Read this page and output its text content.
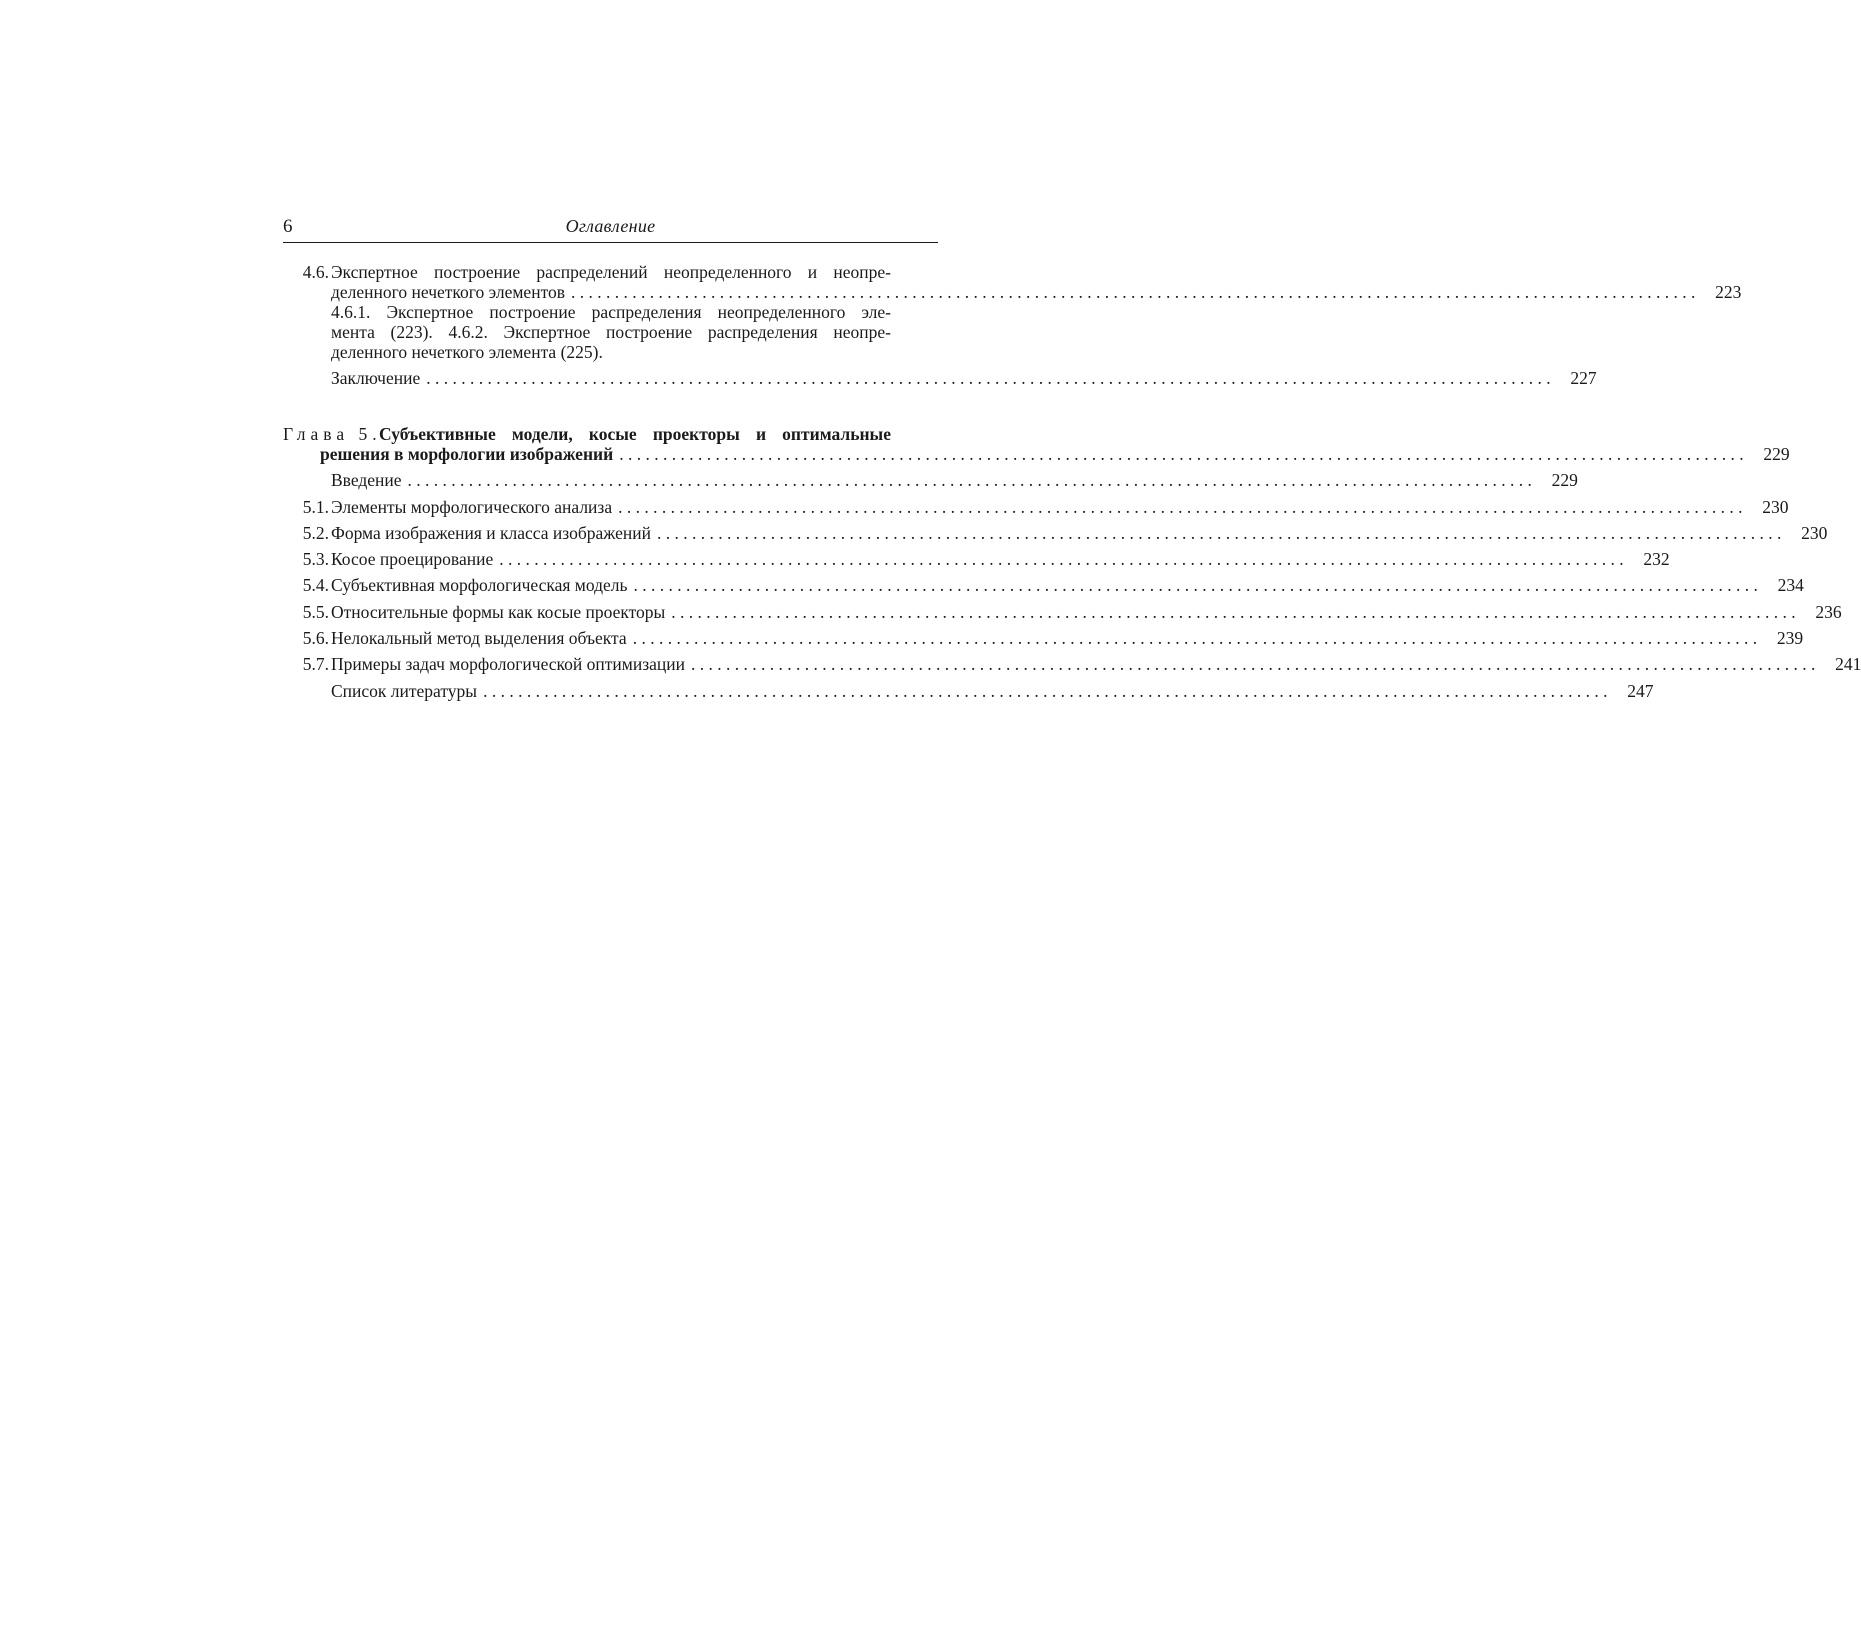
6	Оглавление
4.6. Экспертное построение распределений неопределенного и неопре-
деленного нечеткого элементов . . .	223
4.6.1. Экспертное построение распределения неопределенного эле-
мента (223). 4.6.2. Экспертное построение распределения неопре-
деленного нечеткого элемента (225).
Заключение . . .	227
Глава 5.
Субъективные модели, косые проекторы и оптимальные
решения в морфологии изображений . . .	229
Введение . . .	229
5.1. Элементы морфологического анализа . . .	230
5.2. Форма изображения и класса изображений . . .	230
5.3. Косое проецирование . . .	232
5.4. Субъективная морфологическая модель . . .	234
5.5. Относительные формы как косые проекторы . . .	236
5.6. Нелокальный метод выделения объекта . . .	239
5.7. Примеры задач морфологической оптимизации . . .	241
Список литературы . . .	247
